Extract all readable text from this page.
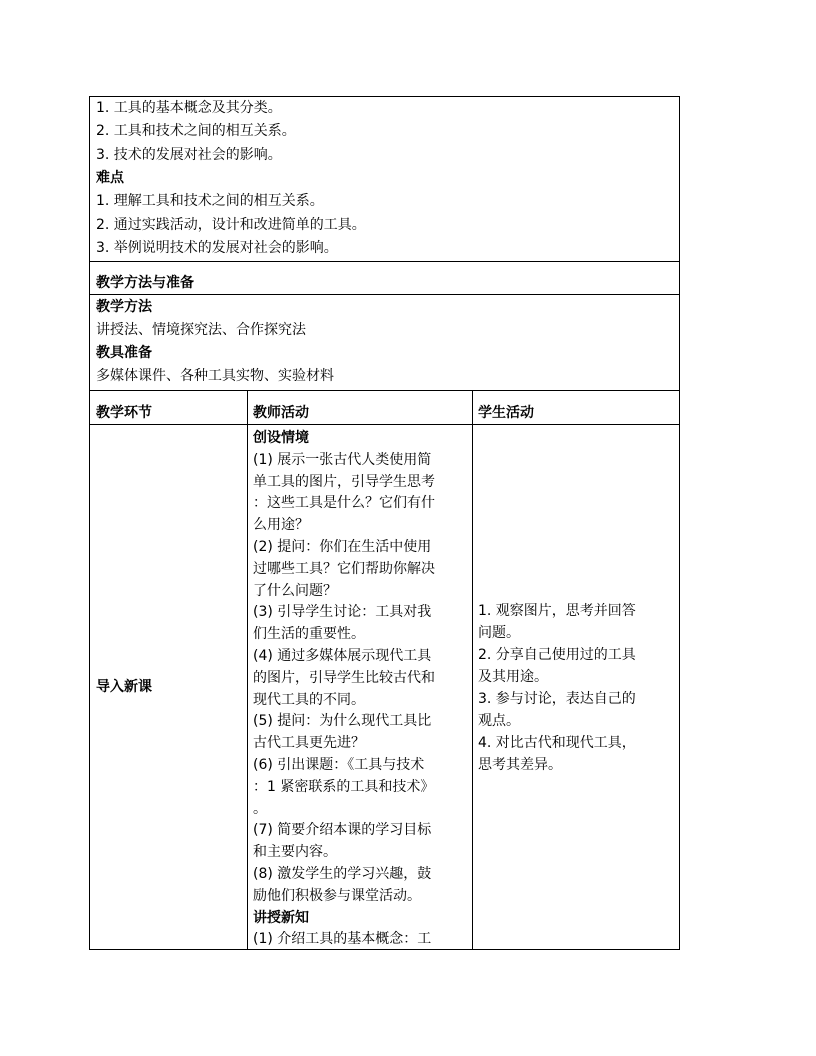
1. 工具的基本概念及其分类。
2. 工具和技术之间的相互关系。
3. 技术的发展对社会的影响。
难点
1. 理解工具和技术之间的相互关系。
2. 通过实践活动，设计和改进简单的工具。
3. 举例说明技术的发展对社会的影响。
教学方法与准备
教学方法
讲授法、情境探究法、合作探究法
教具准备
多媒体课件、各种工具实物、实验材料
教学环节	教师活动	学生活动
导入新课
创设情境
(1) 展示一张古代人类使用简
单工具的图片，引导学生思考
：这些工具是什么？它们有什
么用途？
(2) 提问：你们在生活中使用
过哪些工具？它们帮助你解决
了什么问题？
(3) 引导学生讨论：工具对我
们生活的重要性。
(4) 通过多媒体展示现代工具
的图片，引导学生比较古代和
现代工具的不同。
(5) 提问：为什么现代工具比
古代工具更先进？
(6) 引出课题：《工具与技术
：1 紧密联系的工具和技术》
。
(7) 简要介绍本课的学习目标
和主要内容。
(8) 激发学生的学习兴趣，鼓
励他们积极参与课堂活动。
讲授新知
(1) 介绍工具的基本概念：工
1. 观察图片，思考并回答
问题。
2. 分享自己使用过的工具
及其用途。
3. 参与讨论，表达自己的
观点。
4. 对比古代和现代工具，
思考其差异。
